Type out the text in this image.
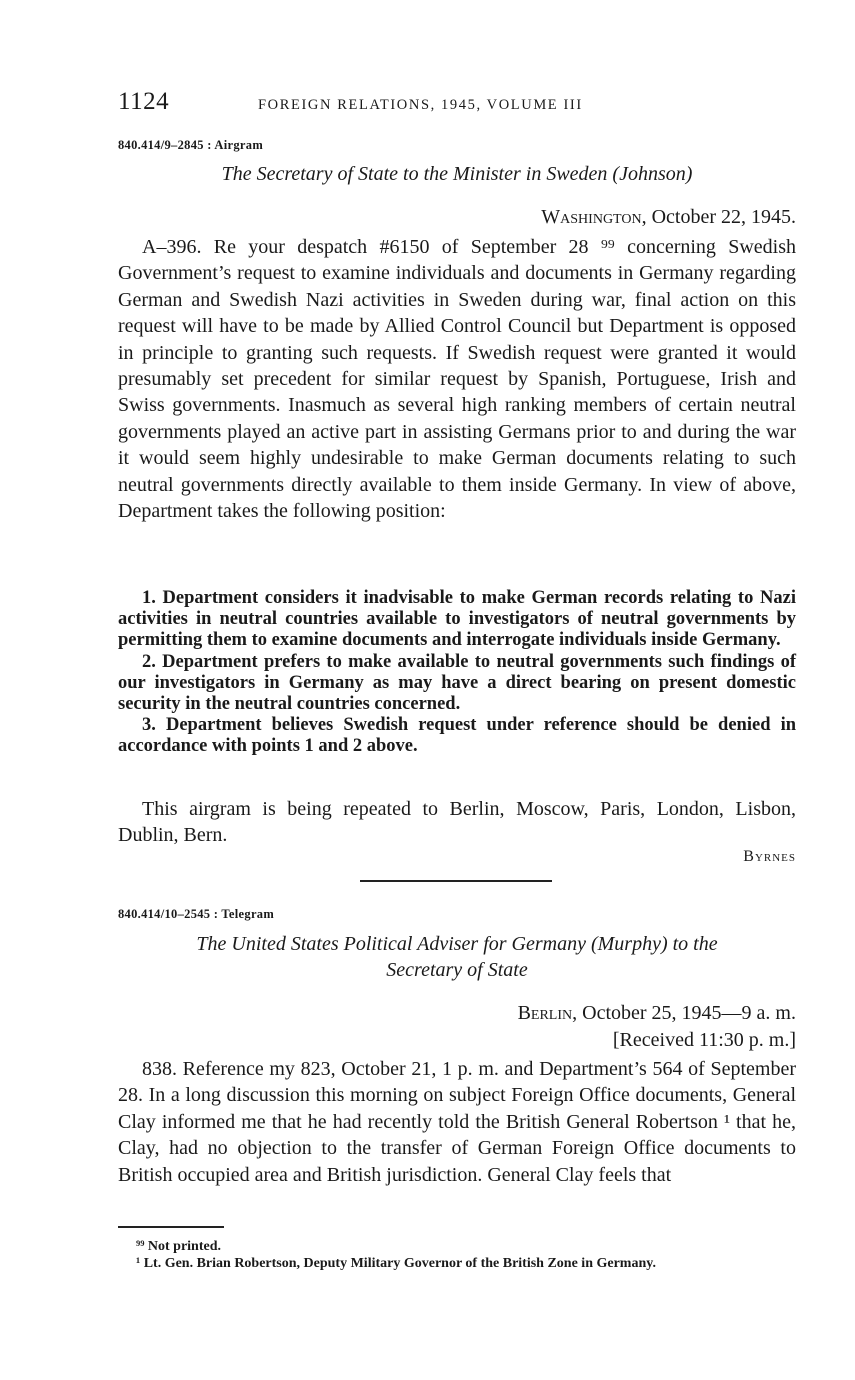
1124	FOREIGN RELATIONS, 1945, VOLUME III
840.414/9–2845 : Airgram
The Secretary of State to the Minister in Sweden (Johnson)
Washington, October 22, 1945.

A–396. Re your despatch #6150 of September 28 ⁹⁹ concerning Swedish Government’s request to examine individuals and documents in Germany regarding German and Swedish Nazi activities in Sweden during war, final action on this request will have to be made by Allied Control Council but Department is opposed in principle to granting such requests. If Swedish request were granted it would presumably set precedent for similar request by Spanish, Portuguese, Irish and Swiss governments. Inasmuch as several high ranking members of certain neutral governments played an active part in assisting Germans prior to and during the war it would seem highly undesirable to make German documents relating to such neutral governments directly available to them inside Germany. In view of above, Department takes the following position:

1. Department considers it inadvisable to make German records relating to Nazi activities in neutral countries available to investigators of neutral governments by permitting them to examine documents and interrogate individuals inside Germany.

2. Department prefers to make available to neutral governments such findings of our investigators in Germany as may have a direct bearing on present domestic security in the neutral countries concerned.

3. Department believes Swedish request under reference should be denied in accordance with points 1 and 2 above.

This airgram is being repeated to Berlin, Moscow, Paris, London, Lisbon, Dublin, Bern.

Byrnes
840.414/10–2545 : Telegram
The United States Political Adviser for Germany (Murphy) to the
Secretary of State
Berlin, October 25, 1945—9 a. m.
[Received 11:30 p. m.]

838. Reference my 823, October 21, 1 p. m. and Department’s 564 of September 28. In a long discussion this morning on subject Foreign Office documents, General Clay informed me that he had recently told the British General Robertson ¹ that he, Clay, had no objection to the transfer of German Foreign Office documents to British occupied area and British jurisdiction. General Clay feels that

⁹⁹ Not printed.

¹ Lt. Gen. Brian Robertson, Deputy Military Governor of the British Zone in Germany.
